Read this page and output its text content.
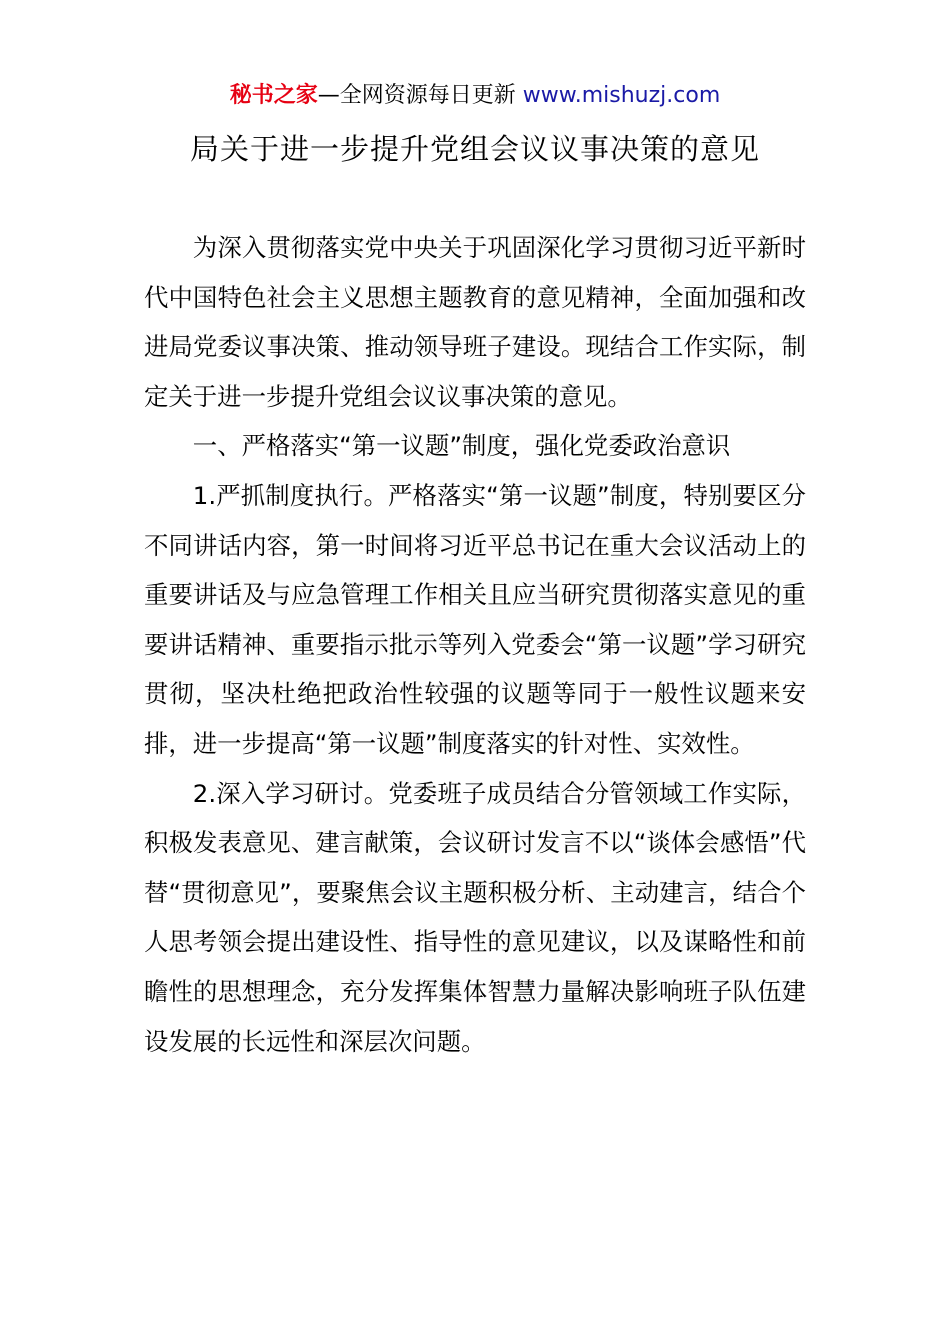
秘书之家—全网资源每日更新 www.mishuzj.com
局关于进一步提升党组会议议事决策的意见

为深入贯彻落实党中央关于巩固深化学习贯彻习近平新时代中国特色社会主义思想主题教育的意见精神，全面加强和改进局党委议事决策、推动领导班子建设。现结合工作实际，制定关于进一步提升党组会议议事决策的意见。

一、严格落实“第一议题”制度，强化党委政治意识

1.严抓制度执行。严格落实“第一议题”制度，特别要区分不同讲话内容，第一时间将习近平总书记在重大会议活动上的重要讲话及与应急管理工作相关且应当研究贯彻落实意见的重要讲话精神、重要指示批示等列入党委会“第一议题”学习研究贯彻，坚决杜绝把政治性较强的议题等同于一般性议题来安排，进一步提高“第一议题”制度落实的针对性、实效性。

2.深入学习研讨。党委班子成员结合分管领域工作实际，积极发表意见、建言献策，会议研讨发言不以“谈体会感悟”代替“贯彻意见”，要聚焦会议主题积极分析、主动建言，结合个人思考领会提出建设性、指导性的意见建议，以及谋略性和前瞻性的思想理念，充分发挥集体智慧力量解决影响班子队伍建设发展的长远性和深层次问题。
